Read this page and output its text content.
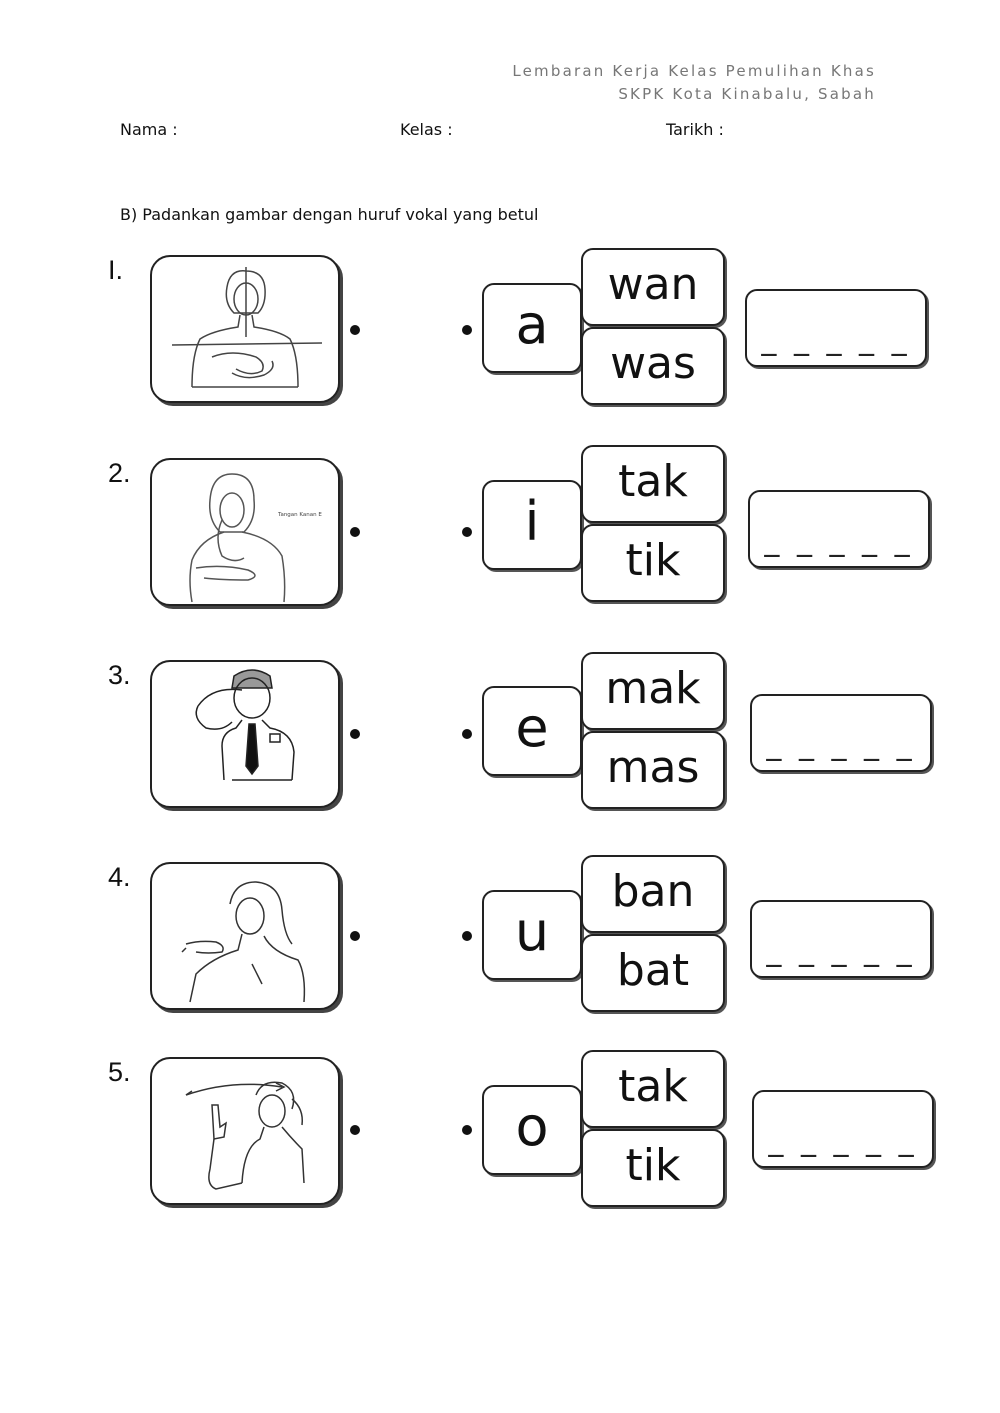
Lembaran Kerja Kelas Pemulihan Khas
SKPK Kota Kinabalu, Sabah
Nama :	Kelas :	Tarikh :
B) Padankan gambar dengan huruf vokal yang betul
I.
a
wan
was	_ _ _ _ _
2.
Tangan Kanan E	i
tak
tik	_ _ _ _ _
3.
e
mak
mas	_ _ _ _ _
4.
u
ban
bat	_ _ _ _ _
5.
o
tak
tik	_ _ _ _ _
